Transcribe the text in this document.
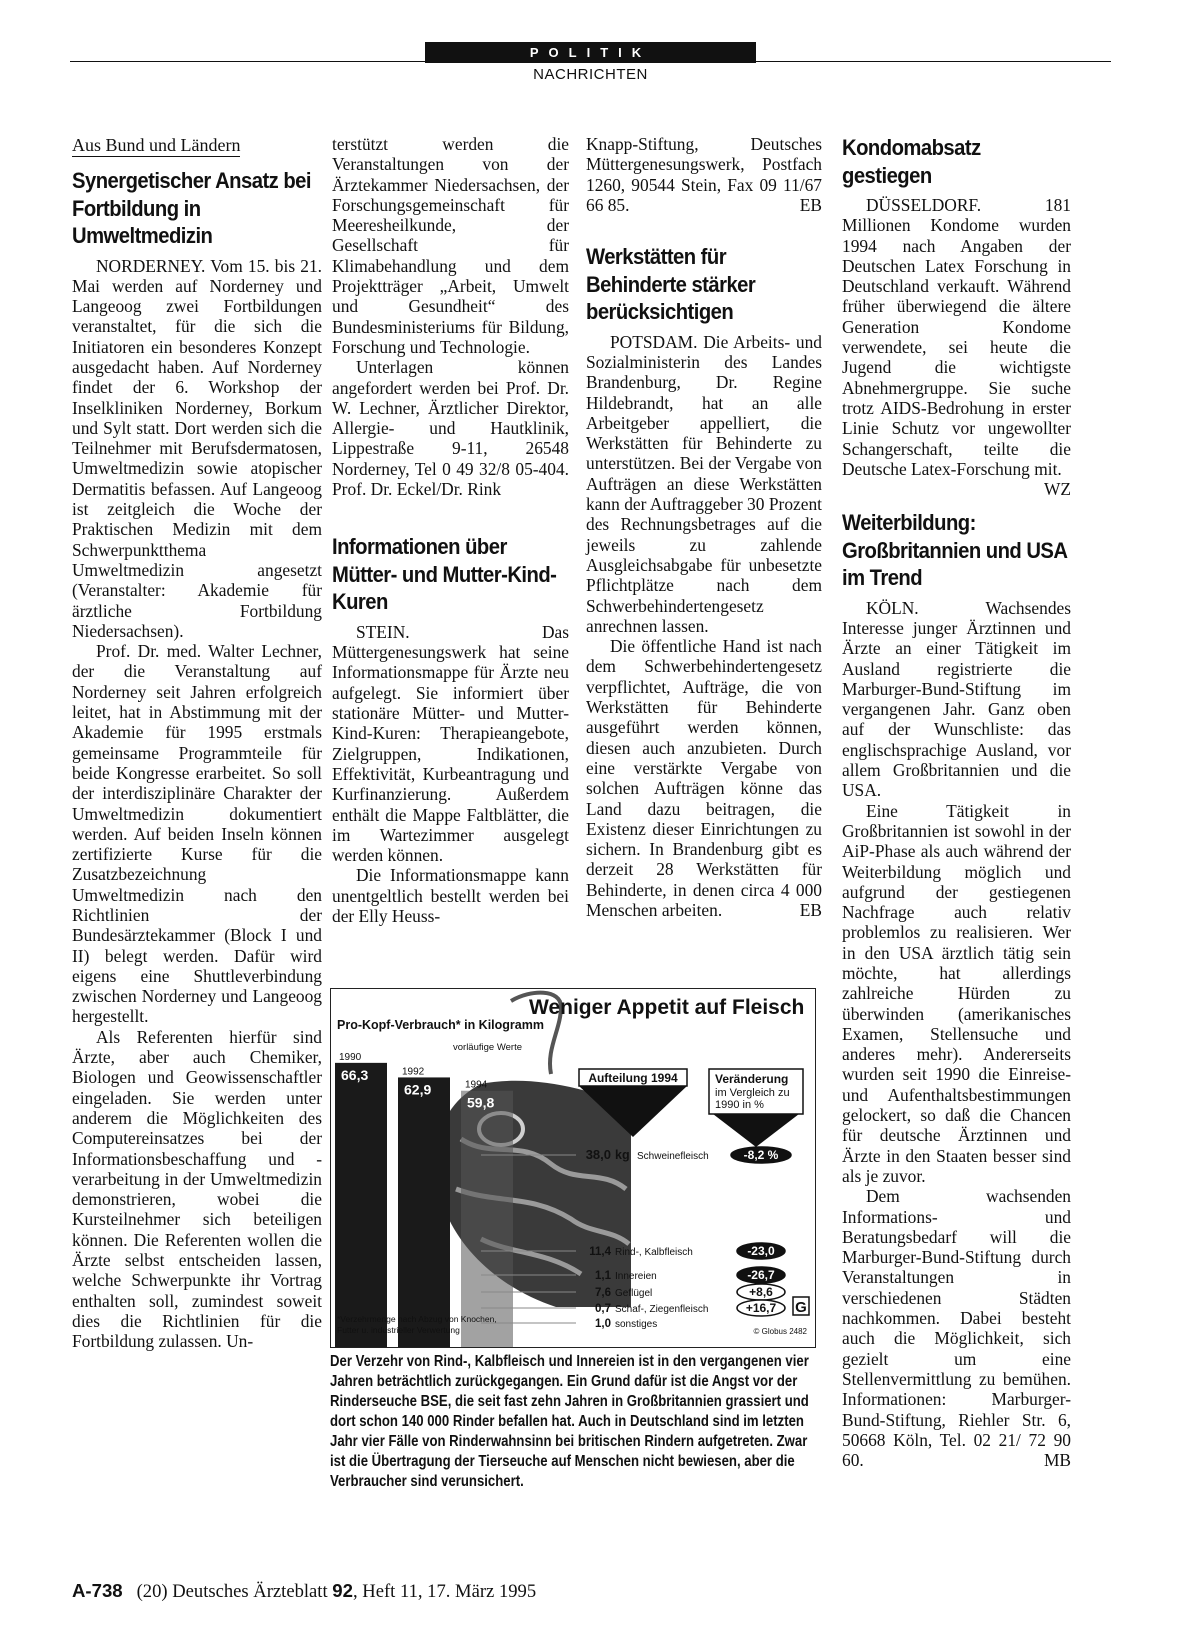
POLITIK
NACHRICHTEN
Aus Bund und Ländern
Synergetischer Ansatz bei Fortbildung in Umweltmedizin

NORDERNEY. Vom 15. bis 21. Mai werden auf Norderney und Langeoog zwei Fortbildungen veranstaltet, für die sich die Initiatoren ein besonderes Konzept ausgedacht haben. Auf Norderney findet der 6. Workshop der Inselkliniken Norderney, Borkum und Sylt statt. Dort werden sich die Teilnehmer mit Berufsdermatosen, Umweltmedizin sowie atopischer Dermatitis befassen. Auf Langeoog ist zeitgleich die Woche der Praktischen Medizin mit dem Schwerpunktthema Umweltmedizin angesetzt (Veranstalter: Akademie für ärztliche Fortbildung Niedersachsen).

Prof. Dr. med. Walter Lechner, der die Veranstaltung auf Norderney seit Jahren erfolgreich leitet, hat in Abstimmung mit der Akademie für 1995 erstmals gemeinsame Programmteile für beide Kongresse erarbeitet. So soll der interdisziplinäre Charakter der Umweltmedizin dokumentiert werden. Auf beiden Inseln können zertifizierte Kurse für die Zusatzbezeichnung Umweltmedizin nach den Richtlinien der Bundesärztekammer (Block I und II) belegt werden. Dafür wird eigens eine Shuttleverbindung zwischen Norderney und Langeoog hergestellt.

Als Referenten hierfür sind Ärzte, aber auch Chemiker, Biologen und Geowissenschaftler eingeladen. Sie werden unter anderem die Möglichkeiten des Computereinsatzes bei der Informationsbeschaffung und -verarbeitung in der Umweltmedizin demonstrieren, wobei die Kursteilnehmer sich beteiligen können. Die Referenten wollen die Ärzte selbst entscheiden lassen, welche Schwerpunkte ihr Vortrag enthalten soll, zumindest soweit dies die Richtlinien für die Fortbildung zulassen. Un-

terstützt werden die Veranstaltungen von der Ärztekammer Niedersachsen, der Forschungsgemeinschaft für Meeresheilkunde, der Gesellschaft für Klimabehandlung und dem Projektträger „Arbeit, Umwelt und Gesundheit“ des Bundesministeriums für Bildung, Forschung und Technologie.

Unterlagen können angefordert werden bei Prof. Dr. W. Lechner, Ärztlicher Direktor, Allergie- und Hautklinik, Lippestraße 9-11, 26548 Norderney, Tel 0 49 32/8 05-404. Prof. Dr. Eckel/Dr. Rink

Informationen über Mütter- und Mutter-Kind-Kuren

STEIN. Das Müttergenesungswerk hat seine Informationsmappe für Ärzte neu aufgelegt. Sie informiert über stationäre Mütter- und Mutter-Kind-Kuren: Therapieangebote, Zielgruppen, Indikationen, Effektivität, Kurbeantragung und Kurfinanzierung. Außerdem enthält die Mappe Faltblätter, die im Wartezimmer ausgelegt werden können.

Die Informationsmappe kann unentgeltlich bestellt werden bei der Elly Heuss-

Knapp-Stiftung, Deutsches Müttergenesungswerk, Postfach 1260, 90544 Stein, Fax 09 11/67 66 85.	EB

Werkstätten für Behinderte stärker berücksichtigen

POTSDAM. Die Arbeits- und Sozialministerin des Landes Brandenburg, Dr. Regine Hildebrandt, hat an alle Arbeitgeber appelliert, die Werkstätten für Behinderte zu unterstützen. Bei der Vergabe von Aufträgen an diese Werkstätten kann der Auftraggeber 30 Prozent des Rechnungsbetrages auf die jeweils zu zahlende Ausgleichsabgabe für unbesetzte Pflichtplätze nach dem Schwerbehindertengesetz anrechnen lassen.

Die öffentliche Hand ist nach dem Schwerbehindertengesetz verpflichtet, Aufträge, die von Werkstätten für Behinderte ausgeführt werden können, diesen auch anzubieten. Durch eine verstärkte Vergabe von solchen Aufträgen könne das Land dazu beitragen, die Existenz dieser Einrichtungen zu sichern. In Brandenburg gibt es derzeit 28 Werkstätten für Behinderte, in denen circa 4 000 Menschen arbeiten.	EB

Kondomabsatz gestiegen

DÜSSELDORF. 181 Millionen Kondome wurden 1994 nach Angaben der Deutschen Latex Forschung in Deutschland verkauft. Während früher überwiegend die ältere Generation Kondome verwendete, sei heute die Jugend die wichtigste Abnehmergruppe. Sie suche trotz AIDS-Bedrohung in erster Linie Schutz vor ungewollter Schangerschaft, teilte die Deutsche Latex-Forschung mit.
WZ

Weiterbildung: Großbritannien und USA im Trend

KÖLN. Wachsendes Interesse junger Ärztinnen und Ärzte an einer Tätigkeit im Ausland registrierte die Marburger-Bund-Stiftung im vergangenen Jahr. Ganz oben auf der Wunschliste: das englischsprachige Ausland, vor allem Großbritannien und die USA.

Eine Tätigkeit in Großbritannien ist sowohl in der AiP-Phase als auch während der Weiterbildung möglich und aufgrund der gestiegenen Nachfrage auch relativ problemlos zu realisieren. Wer in den USA ärztlich tätig sein möchte, hat allerdings zahlreiche Hürden zu überwinden (amerikanisches Examen, Stellensuche und anderes mehr). Andererseits wurden seit 1990 die Einreise- und Aufenthaltsbestimmungen gelockert, so daß die Chancen für deutsche Ärztinnen und Ärzte in den Staaten besser sind als je zuvor.

Dem wachsenden Informations- und Beratungsbedarf will die Marburger-Bund-Stiftung durch Veranstaltungen in verschiedenen Städten nachkommen. Dabei besteht auch die Möglichkeit, sich gezielt um eine Stellenvermittlung zu bemühen. Informationen: Marburger-Bund-Stiftung, Riehler Str. 6, 50668 Köln, Tel. 02 21/ 72 90 60.	MB

1990
66,3	1992
62,9	1994
59,8
38,0 kg Schweinefleisch	-8,2 %
11,4 Rind-, Kalbfleisch	-23,0
1,1 Innereien	-26,7
7,6 Geflügel	+8,6
0,7 Schaf-, Ziegenfleisch	+16,7
1,0 sonstiges
Weniger Appetit auf Fleisch
Pro-Kopf-Verbrauch* in Kilogramm
vorläufige Werte
Aufteilung 1994	Veränderung
im Vergleich zu
1990 in %
*Verzehrmenge nach Abzug von Knochen,
Futter u. industrieller Verwertung
G
© Globus 2482
Der Verzehr von Rind-, Kalbfleisch und Innereien ist in den vergangenen vier Jahren beträchtlich zurückgegangen. Ein Grund dafür ist die Angst vor der Rinderseuche BSE, die seit fast zehn Jahren in Großbritannien grassiert und dort schon 140 000 Rinder befallen hat. Auch in Deutschland sind im letzten Jahr vier Fälle von Rinderwahnsinn bei britischen Rindern aufgetreten. Zwar ist die Übertragung der Tierseuche auf Menschen nicht bewiesen, aber die Verbraucher sind verunsichert.
A-738 (20) Deutsches Ärzteblatt 92, Heft 11, 17. März 1995
